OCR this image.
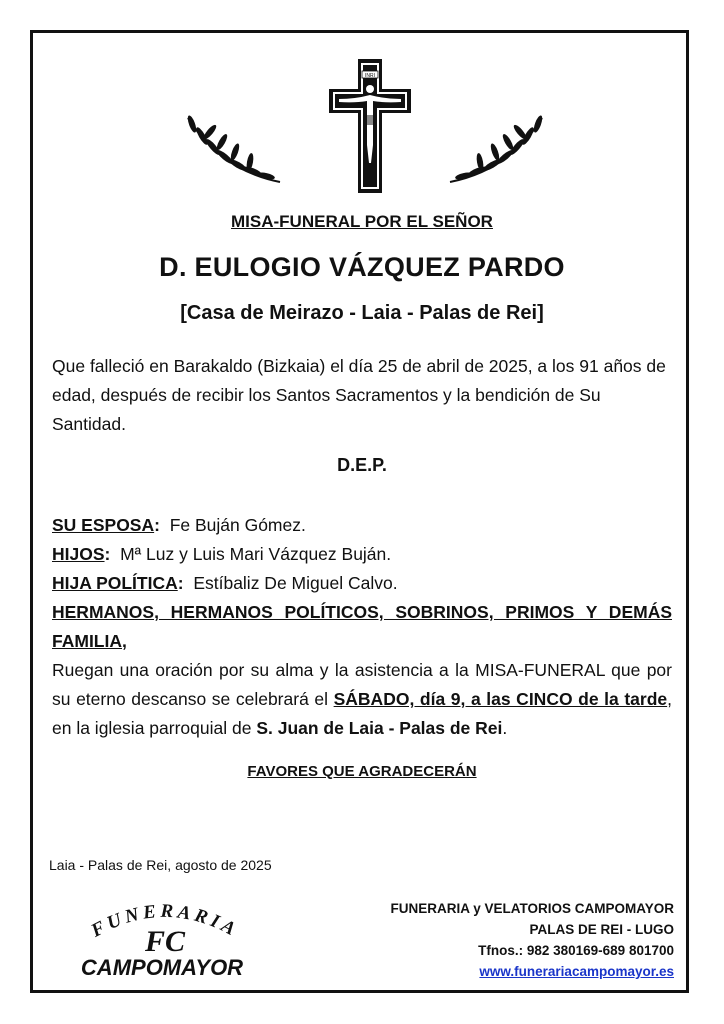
INRI
MISA-FUNERAL POR EL SEÑOR
D. EULOGIO VÁZQUEZ PARDO
[Casa de Meirazo - Laia - Palas de Rei]
Que falleció en Barakaldo (Bizkaia) el día 25 de abril de 2025, a los 91 años de edad, después de recibir los Santos Sacramentos y la bendición de Su Santidad.
D.E.P.
SU ESPOSA: Fe Buján Gómez.
HIJOS: Mª Luz y Luis Mari Vázquez Buján.
HIJA POLÍTICA: Estíbaliz De Miguel Calvo.
HERMANOS, HERMANOS POLÍTICOS, SOBRINOS, PRIMOS Y DEMÁS FAMILIA,
Ruegan una oración por su alma y la asistencia a la MISA-FUNERAL que por su eterno descanso se celebrará el SÁBADO, día 9, a las CINCO de la tarde, en la iglesia parroquial de S. Juan de Laia - Palas de Rei.
FAVORES QUE AGRADECERÁN
Laia - Palas de Rei, agosto de 2025
FUNERARIA
FC
CAMPOMAYOR
FUNERARIA y VELATORIOS CAMPOMAYOR
PALAS DE REI - LUGO
Tfnos.: 982 380169-689 801700
www.funerariacampomayor.es
